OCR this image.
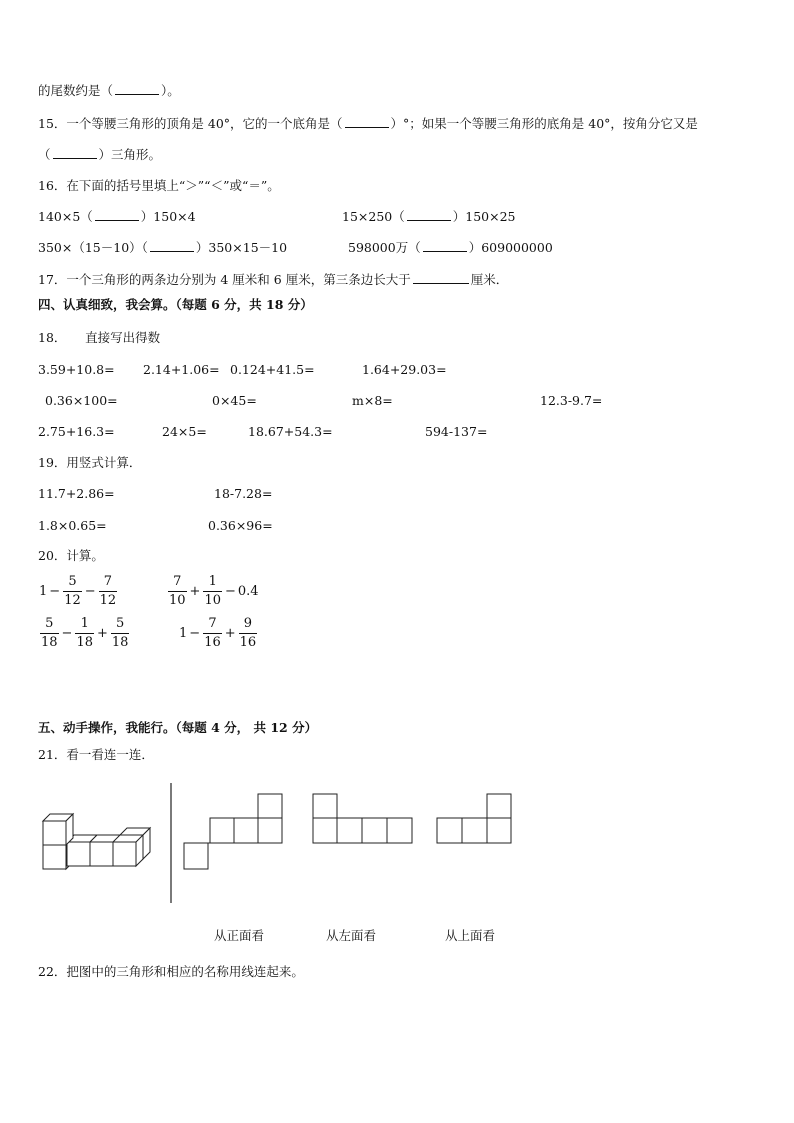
的尾数约是（	）。
15．一个等腰三角形的顶角是 40°，它的一个底角是（	）°；如果一个等腰三角形的底角是 40°，按角分它又是
（	）三角形。
16．在下面的括号里填上“＞”“＜”或“＝”。
140×5（	）150×4	15×250（	）150×25
350×（15－10）（	）350×15－10	598000万（	）609000000
17．一个三角形的两条边分别为 4 厘米和 6 厘米，第三条边长大于	厘米．
四、认真细致，我会算。（每题 6 分，共 18 分）
18．　　直接写出得数
3.59+10.8= 2.14+1.06= 0.124+41.5=	1.64+29.03=
0.36×100=	0×45=	m×8=	12.3-9.7=
2.75+16.3=	24×5=	18.67+54.3=	594-137=
19．用竖式计算．
11.7+2.86=	18-7.28=
1.8×0.65=	0.36×96=
20．计算。
$1 - \frac{5}{12} - \frac{7}{12}$	$\frac{7}{10} + \frac{1}{10} - 0.4$
$\frac{5}{18} - \frac{1}{18} + \frac{5}{18}$	$1 - \frac{7}{16} + \frac{9}{16}$
五、动手操作，我能行。（每题 4 分， 共 12 分）
21．看一看连一连．
从正面看	从左面看	从上面看
22．把图中的三角形和相应的名称用线连起来。
